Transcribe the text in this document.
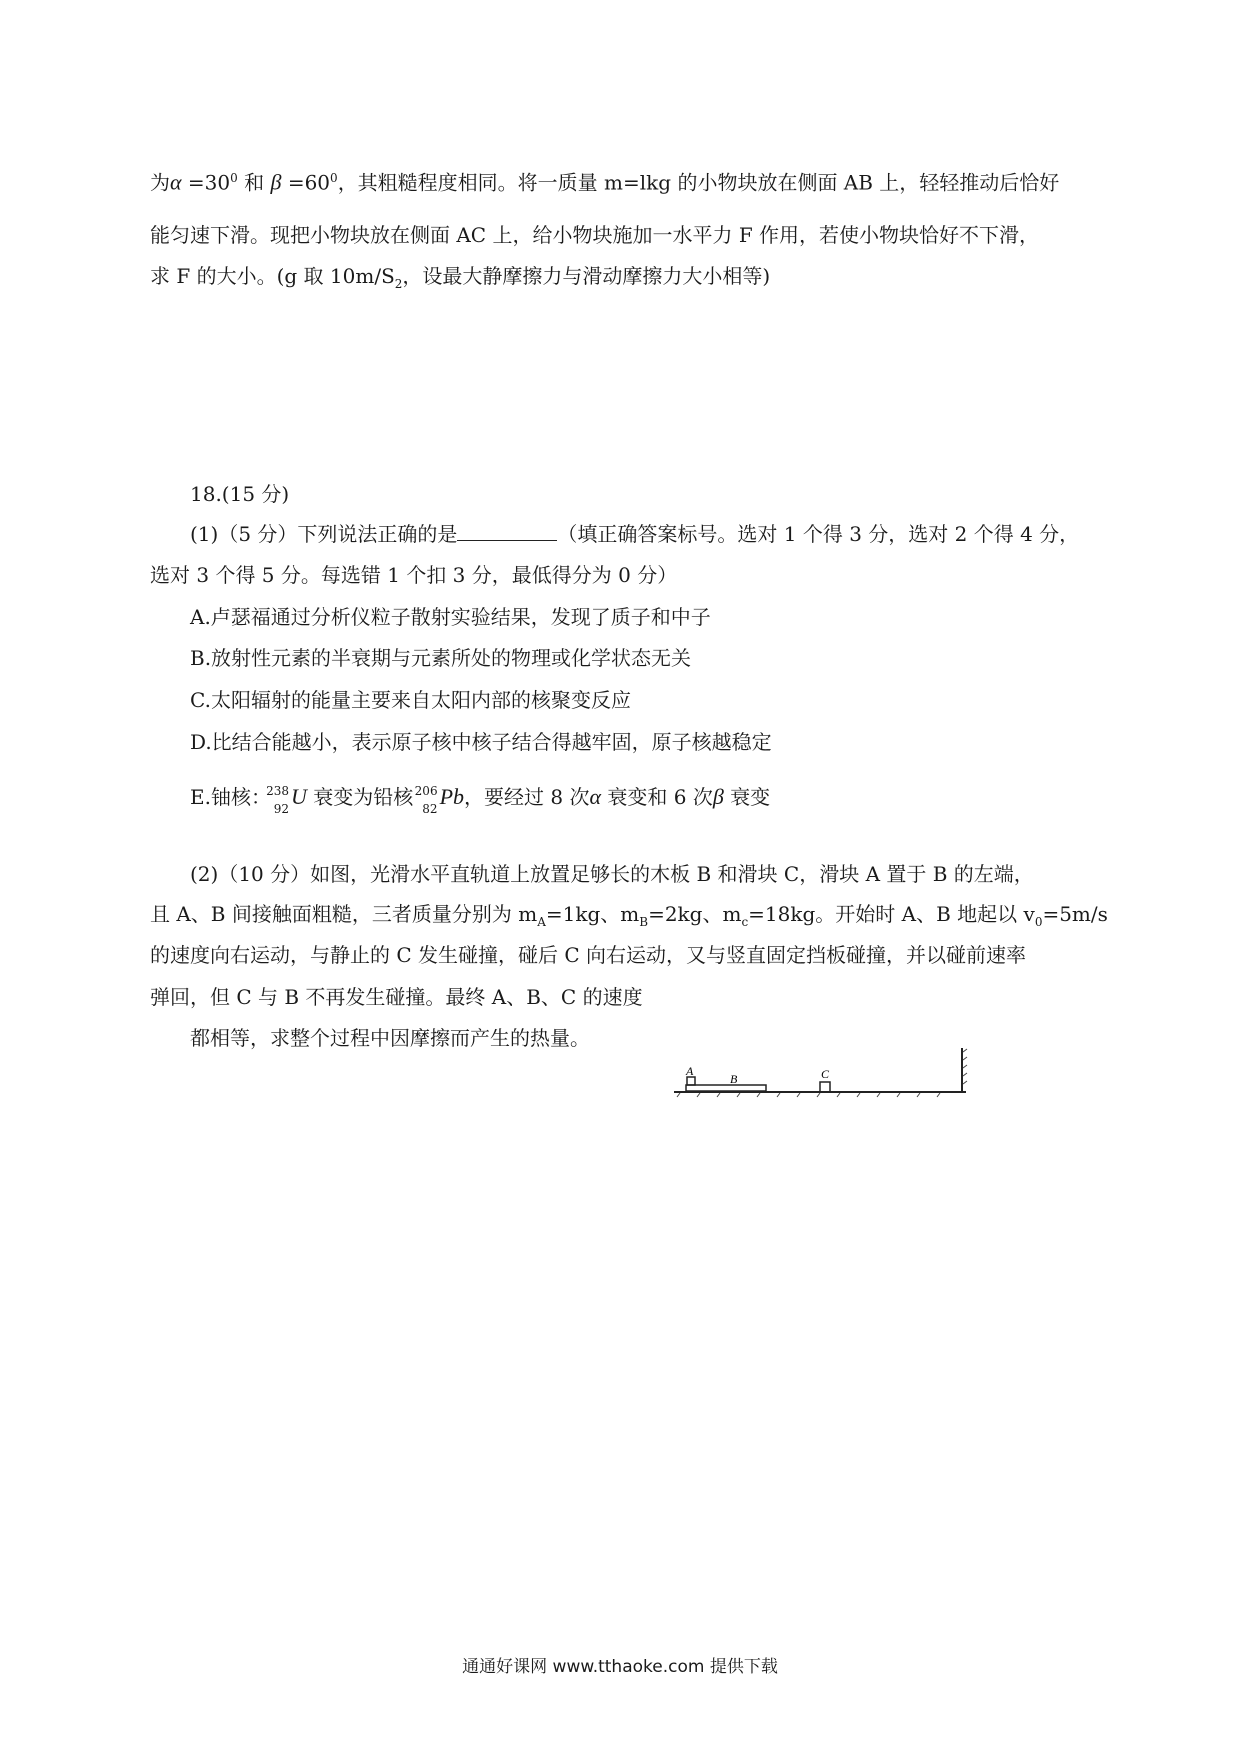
为$\alpha =30^0$ 和 $\beta =60^0$，其粗糙程度相同。将一质量 m=lkg 的小物块放在侧面 AB 上，轻轻推动后恰好
能匀速下滑。现把小物块放在侧面 AC 上，给小物块施加一水平力 F 作用，若使小物块恰好不下滑，
求 F 的大小。(g 取 $10m/S_2$，设最大静摩擦力与滑动摩擦力大小相等)
18.(15 分)
(1)（5 分）下列说法正确的是	（填正确答案标号。选对 1 个得 3 分，选对 2 个得 4 分，
选对 3 个得 5 分。每选错 1 个扣 3 分，最低得分为 0 分）
A.卢瑟福通过分析仪粒子散射实验结果，发现了质子和中子
B.放射性元素的半衰期与元素所处的物理或化学状态无关
C.太阳辐射的能量主要来自太阳内部的核聚变反应
D.比结合能越小，表示原子核中核子结合得越牢固，原子核越稳定
E.铀核：
238
92 U 衰变为铅核
206
82 Pb，要经过 8 次α 衰变和 6 次β 衰变
(2)（10 分）如图，光滑水平直轨道上放置足够长的木板 B 和滑块 C，滑块 A 置于 B 的左端，
且 A、B 间接触面粗糙，三者质量分别为 $m_A=1kg$、$m_B=2kg$、$m_c=18kg$。开始时 A、B 地起以 $v_0=5m/s$
的速度向右运动，与静止的 C 发生碰撞，碰后 C 向右运动，又与竖直固定挡板碰撞，并以碰前速率
弹回，但 C 与 B 不再发生碰撞。最终 A、B、C 的速度
都相等，求整个过程中因摩擦而产生的热量。
A
B	C
通通好课网 www.tthaoke.com 提供下载
